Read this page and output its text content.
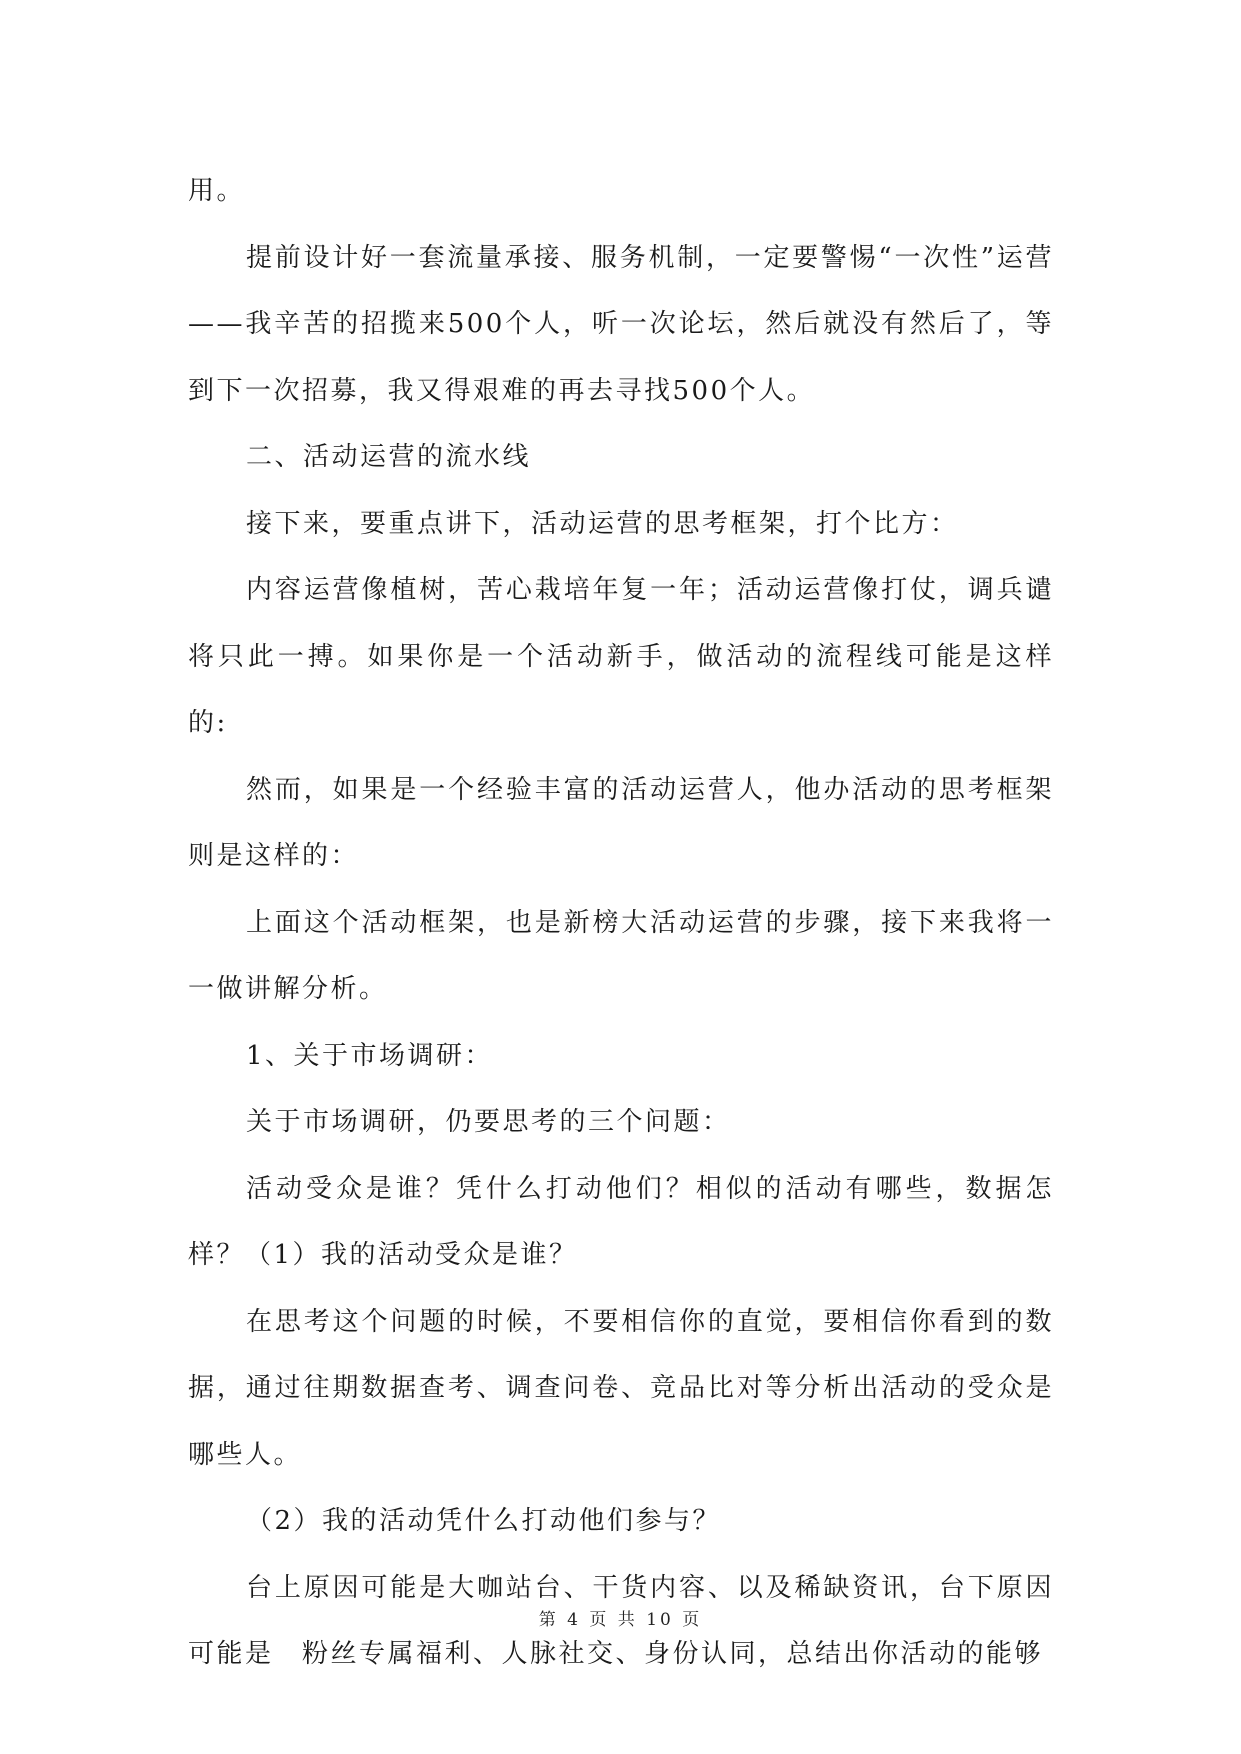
用。

提前设计好一套流量承接、服务机制，一定要警惕“一次性”运营——我辛苦的招揽来500个人，听一次论坛，然后就没有然后了，等到下一次招募，我又得艰难的再去寻找500个人。

二、活动运营的流水线

接下来，要重点讲下，活动运营的思考框架，打个比方：

内容运营像植树，苦心栽培年复一年；活动运营像打仗，调兵谴将只此一搏。如果你是一个活动新手，做活动的流程线可能是这样的:

然而，如果是一个经验丰富的活动运营人，他办活动的思考框架则是这样的：

上面这个活动框架，也是新榜大活动运营的步骤，接下来我将一一做讲解分析。

1、关于市场调研：

关于市场调研，仍要思考的三个问题：

活动受众是谁？凭什么打动他们？相似的活动有哪些，数据怎样？（1）我的活动受众是谁？

在思考这个问题的时候，不要相信你的直觉，要相信你看到的数据，通过往期数据查考、调查问卷、竞品比对等分析出活动的受众是哪些人。

（2）我的活动凭什么打动他们参与？

台上原因可能是大咖站台、干货内容、以及稀缺资讯，台下原因可能是　粉丝专属福利、人脉社交、身份认同，总结出你活动的能够

第 4 页 共 10 页
